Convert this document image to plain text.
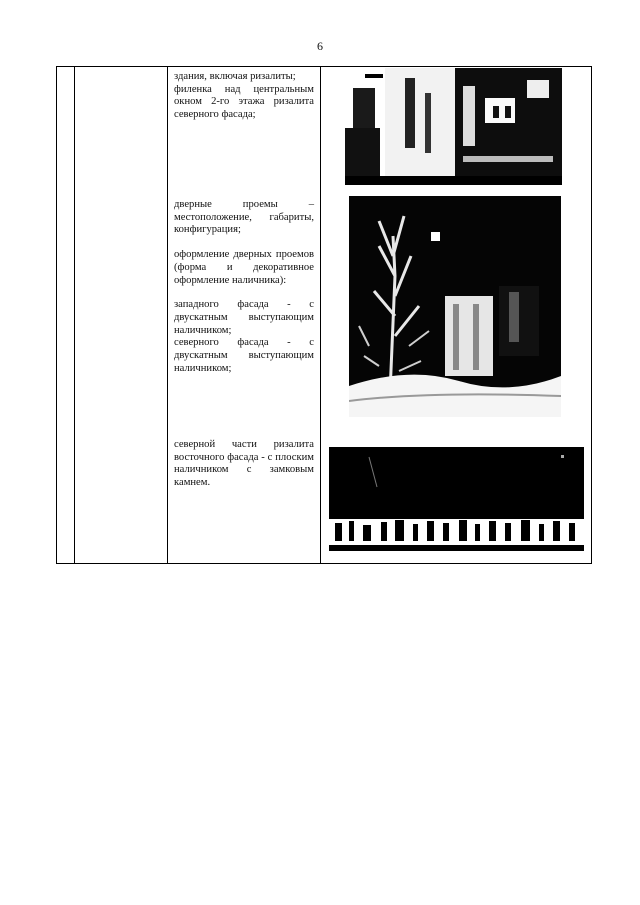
6

здания, включая ризалиты;

филенка над центральным окном 2-го этажа ризалита северного фасада;

дверные проемы – местоположение, габариты, конфигурация;

оформление дверных проемов (форма и декоративное оформление наличника):

западного фасада - с двускатным выступающим наличником;

северного фасада - с двускатным выступающим наличником;

северной части ризалита восточного фасада - с плоским наличником с замковым камнем.
